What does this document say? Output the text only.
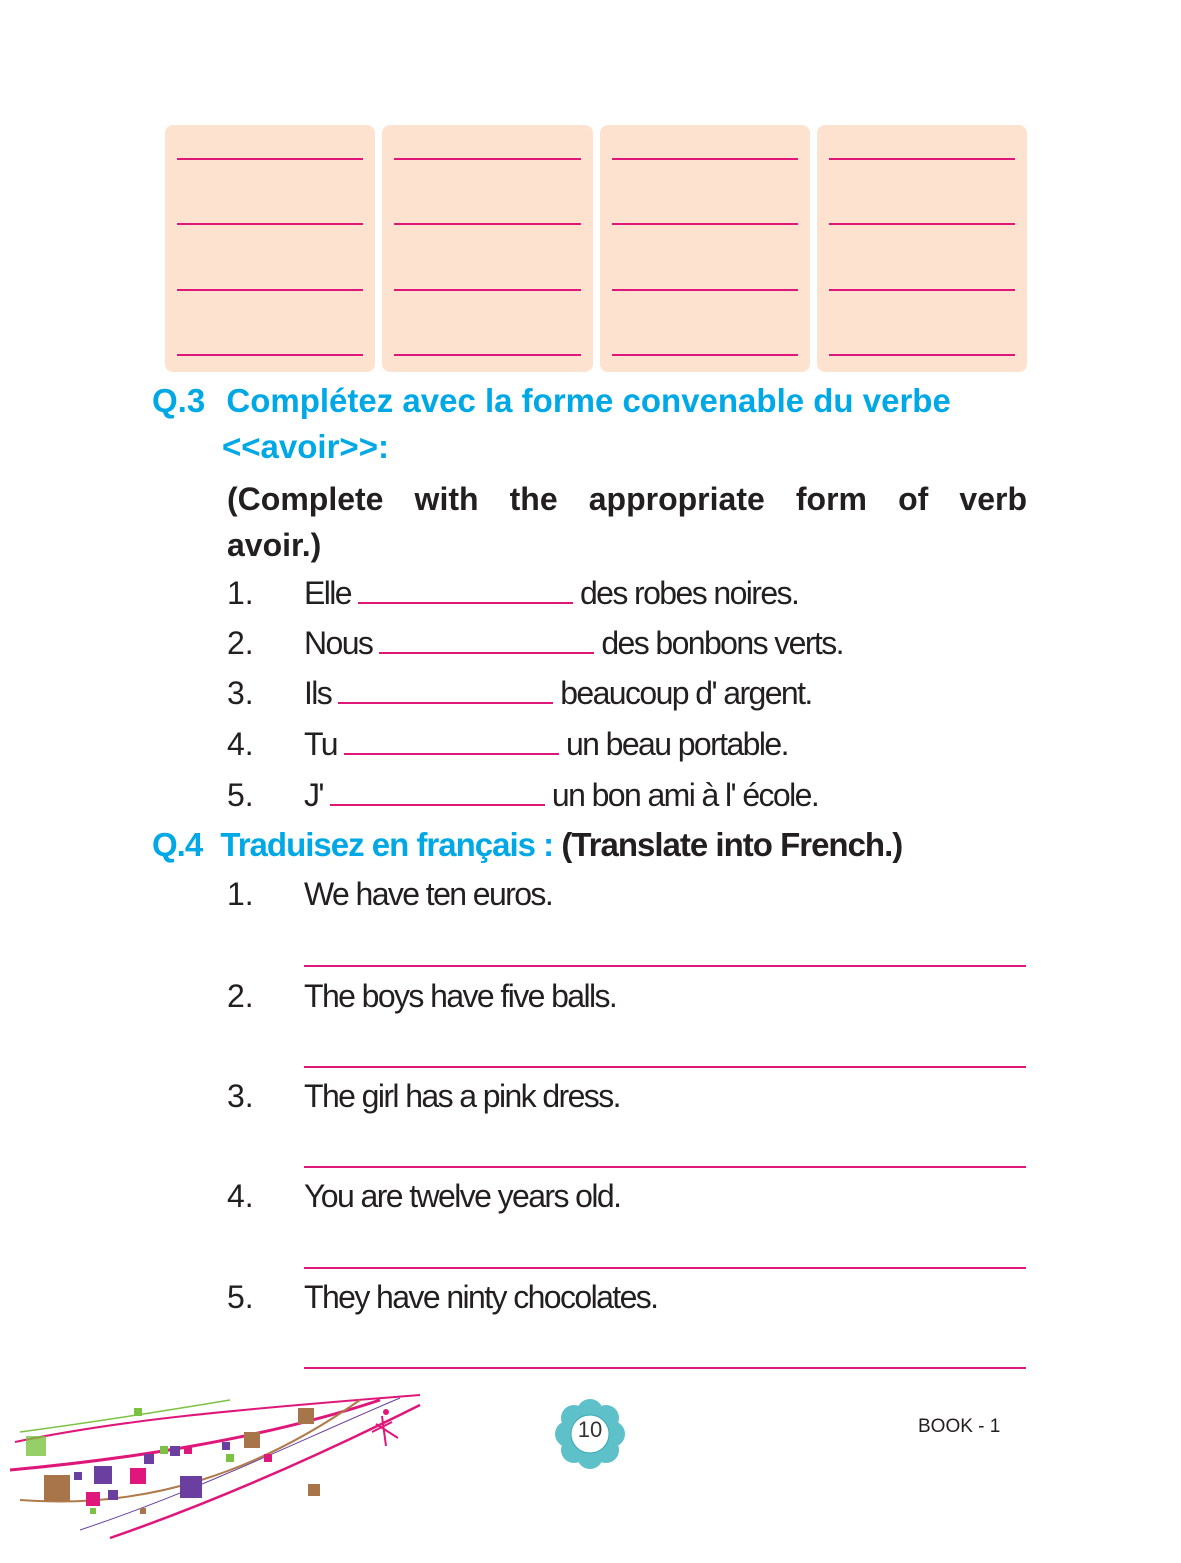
Q.3 Complétez avec la forme convenable du verbe
<<avoir>>:
(Complete with the appropriate form of verb
avoir.)
1.	Elle	des robes noires.
2.	Nous	des bonbons verts.
3.	Ils	beaucoup d' argent.
4.	Tu	un beau portable.
5.	J'	un bon ami à l' école.
Q.4 Traduisez en français : (Translate into French.)
1. We have ten euros.
2. The boys have five balls.
3. The girl has a pink dress.
4. You are twelve years old.
5. They have ninty chocolates.
10	BOOK - 1
